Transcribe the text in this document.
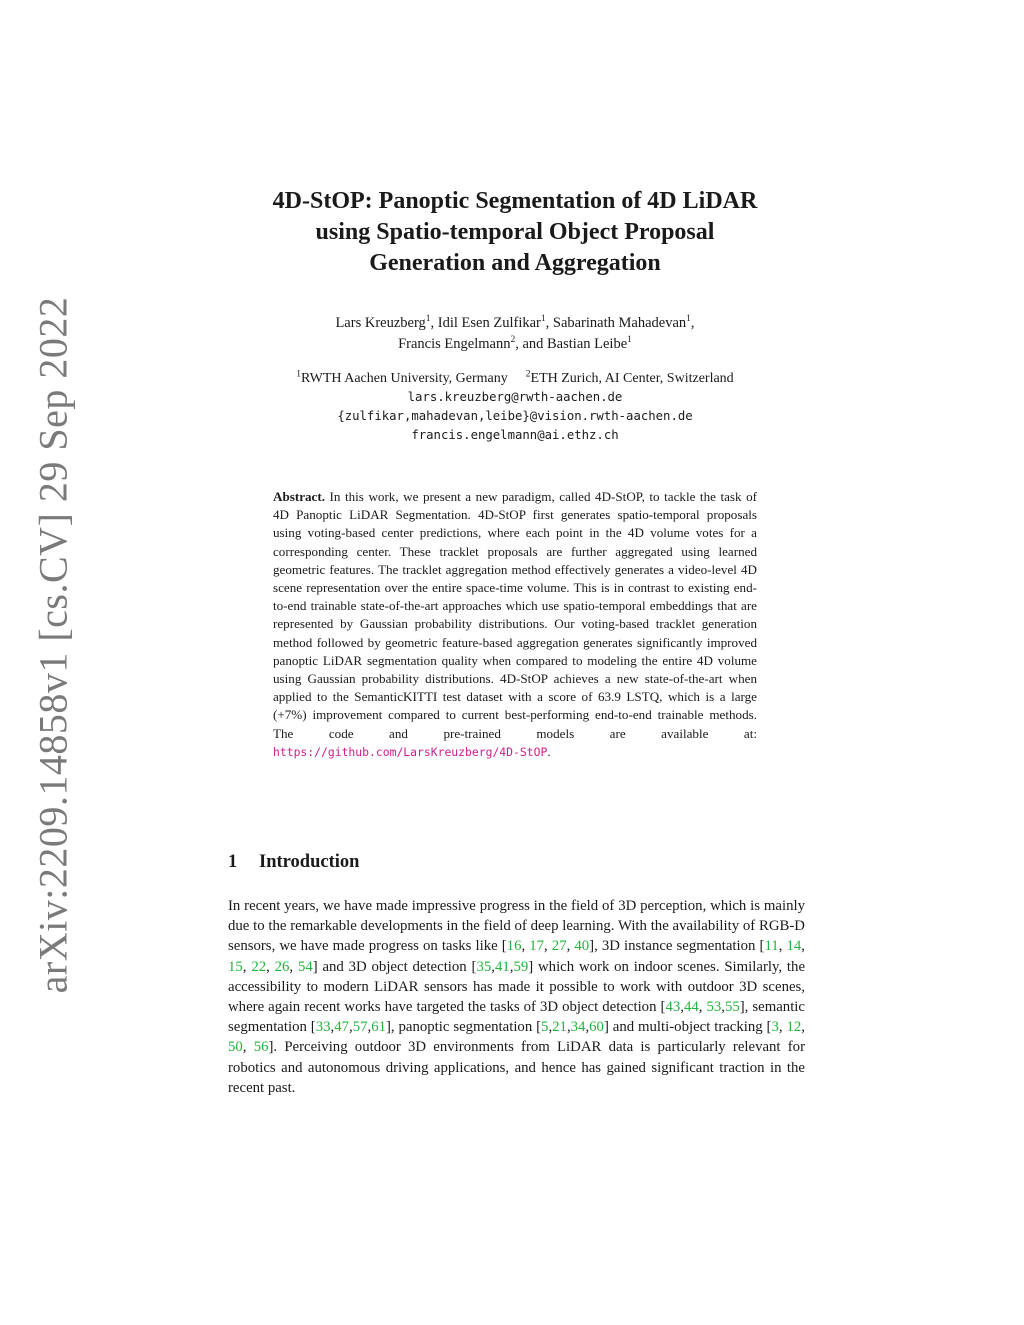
arXiv:2209.14858v1 [cs.CV] 29 Sep 2022
4D-StOP: Panoptic Segmentation of 4D LiDAR
using Spatio-temporal Object Proposal
Generation and Aggregation
Lars Kreuzberg$^1$, Idil Esen Zulfikar$^1$, Sabarinath Mahadevan$^1$,
Francis Engelmann$^2$, and Bastian Leibe$^1$
$^1$RWTH Aachen University, Germany $^2$ETH Zurich, AI Center, Switzerland
lars.kreuzberg@rwth-aachen.de
{zulfikar,mahadevan,leibe}@vision.rwth-aachen.de
francis.engelmann@ai.ethz.ch
Abstract. In this work, we present a new paradigm, called 4D-StOP, to tackle the task of 4D Panoptic LiDAR Segmentation. 4D-StOP first generates spatio-temporal proposals using voting-based center predictions, where each point in the 4D volume votes for a corresponding center. These tracklet proposals are further aggregated using learned geometric features. The tracklet aggregation method effectively generates a video-level 4D scene representation over the entire space-time volume. This is in contrast to existing end-to-end trainable state-of-the-art approaches which use spatio-temporal embeddings that are represented by Gaussian probability distributions. Our voting-based tracklet generation method followed by geometric feature-based aggregation generates significantly improved panoptic LiDAR segmentation quality when compared to modeling the entire 4D volume using Gaussian probability distributions. 4D-StOP achieves a new state-of-the-art when applied to the SemanticKITTI test dataset with a score of 63.9 LSTQ, which is a large (+7%) improvement compared to current best-performing end-to-end trainable methods. The code and pre-trained models are available at: https://github.com/LarsKreuzberg/4D-StOP.
1 Introduction
In recent years, we have made impressive progress in the field of 3D perception, which is mainly due to the remarkable developments in the field of deep learning. With the availability of RGB-D sensors, we have made progress on tasks like [16, 17, 27, 40], 3D instance segmentation [11, 14, 15, 22, 26, 54] and 3D object detection [35,41,59] which work on indoor scenes. Similarly, the accessibility to modern LiDAR sensors has made it possible to work with outdoor 3D scenes, where again recent works have targeted the tasks of 3D object detection [43,44, 53,55], semantic segmentation [33,47,57,61], panoptic segmentation [5,21,34,60] and multi-object tracking [3, 12, 50, 56]. Perceiving outdoor 3D environments from LiDAR data is particularly relevant for robotics and autonomous driving applications, and hence has gained significant traction in the recent past.
